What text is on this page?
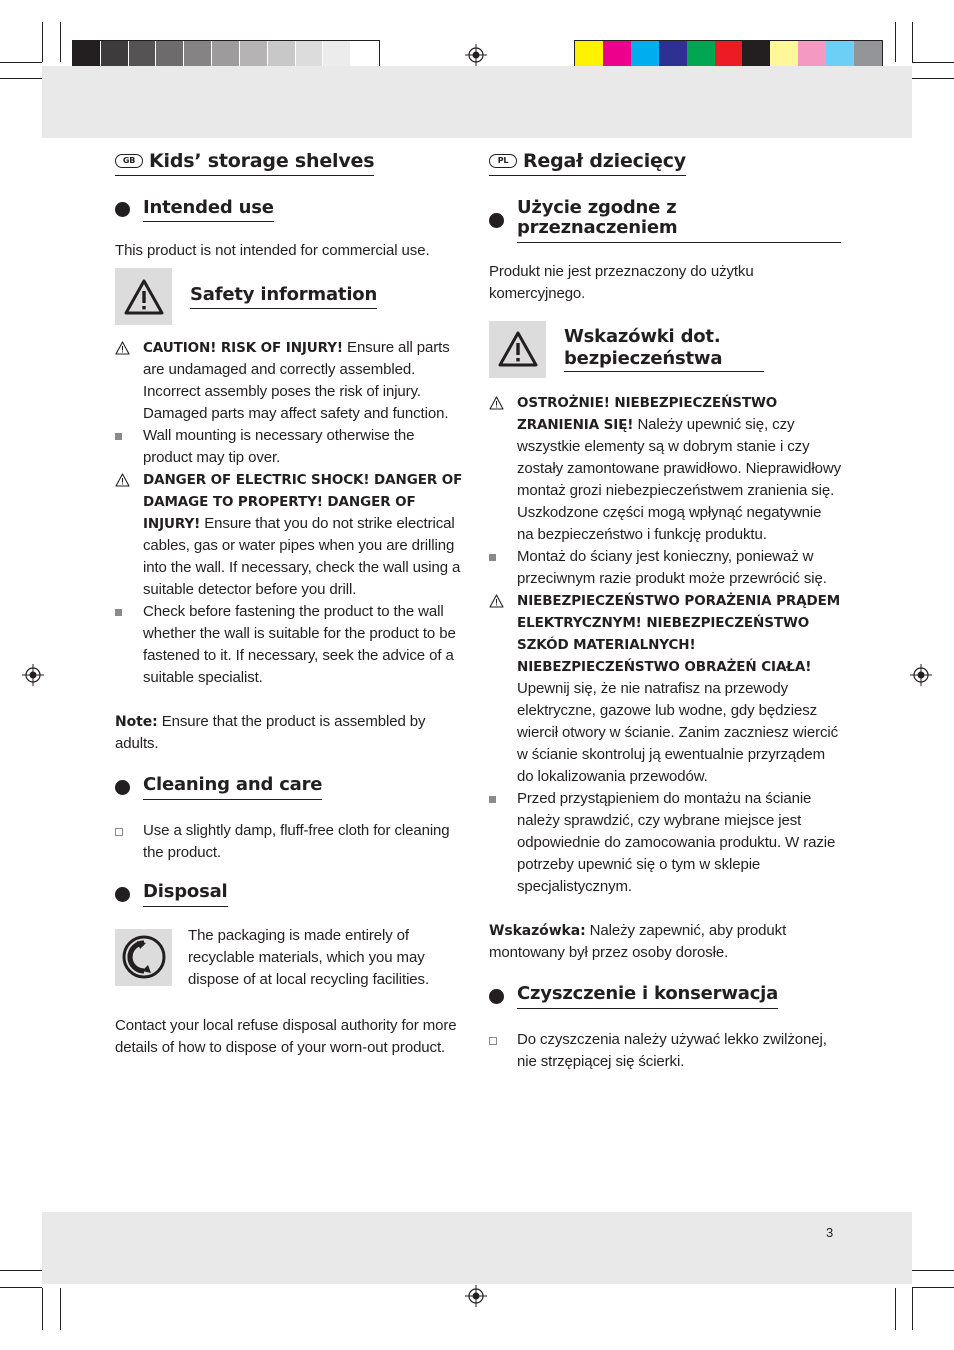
3
GB Kids’ storage shelves
Intended use

This product is not intended for commercial use.

Safety information
CAUTION! RISK OF INJURY! Ensure all parts are undamaged and correctly assembled. Incorrect assembly poses the risk of injury. Damaged parts may affect safety and function.
Wall mounting is necessary otherwise the product may tip over.
DANGER OF ELECTRIC SHOCK! DANGER OF DAMAGE TO PROPERTY! DANGER OF INJURY! Ensure that you do not strike electrical cables, gas or water pipes when you are drilling into the wall. If necessary, check the wall using a suitable detector before you drill.
Check before fastening the product to the wall whether the wall is suitable for the product to be fastened to it. If necessary, seek the advice of a suitable specialist.

Note: Ensure that the product is assembled by adults.

Cleaning and care
Use a slightly damp, fluff-free cloth for cleaning the product.
Disposal

The packaging is made entirely of recyclable materials, which you may dispose of at local recycling facilities.

Contact your local refuse disposal authority for more details of how to dispose of your worn-out product.

PL Regał dziecięcy
Użycie zgodne z przeznaczeniem

Produkt nie jest przeznaczony do użytku komercyjnego.

Wskazówki dot. bezpieczeństwa
OSTROŻNIE! NIEBEZPIECZEŃSTWO ZRANIENIA SIĘ! Należy upewnić się, czy wszystkie elementy są w dobrym stanie i czy zostały zamontowane prawidłowo. Nieprawidłowy montaż grozi niebezpieczeństwem zranienia się. Uszkodzone części mogą wpłynąć negatywnie na bezpieczeństwo i funkcję produktu.
Montaż do ściany jest konieczny, ponieważ w przeciwnym razie produkt może przewrócić się.
NIEBEZPIECZEŃSTWO PORAŻENIA PRĄDEM ELEKTRYCZNYM! NIEBEZPIECZEŃSTWO SZKÓD MATERIALNYCH! NIEBEZPIECZEŃSTWO OBRAŻEŃ CIAŁA! Upewnij się, że nie natrafisz na przewody elektryczne, gazowe lub wodne, gdy będziesz wiercił otwory w ścianie. Zanim zaczniesz wiercić w ścianie skontroluj ją ewentualnie przyrządem do lokalizowania przewodów.
Przed przystąpieniem do montażu na ścianie należy sprawdzić, czy wybrane miejsce jest odpowiednie do zamocowania produktu. W razie potrzeby upewnić się o tym w sklepie specjalistycznym.

Wskazówka: Należy zapewnić, aby produkt montowany był przez osoby dorosłe.

Czyszczenie i konserwacja
Do czyszczenia należy używać lekko zwilżonej, nie strzępiącej się ścierki.
